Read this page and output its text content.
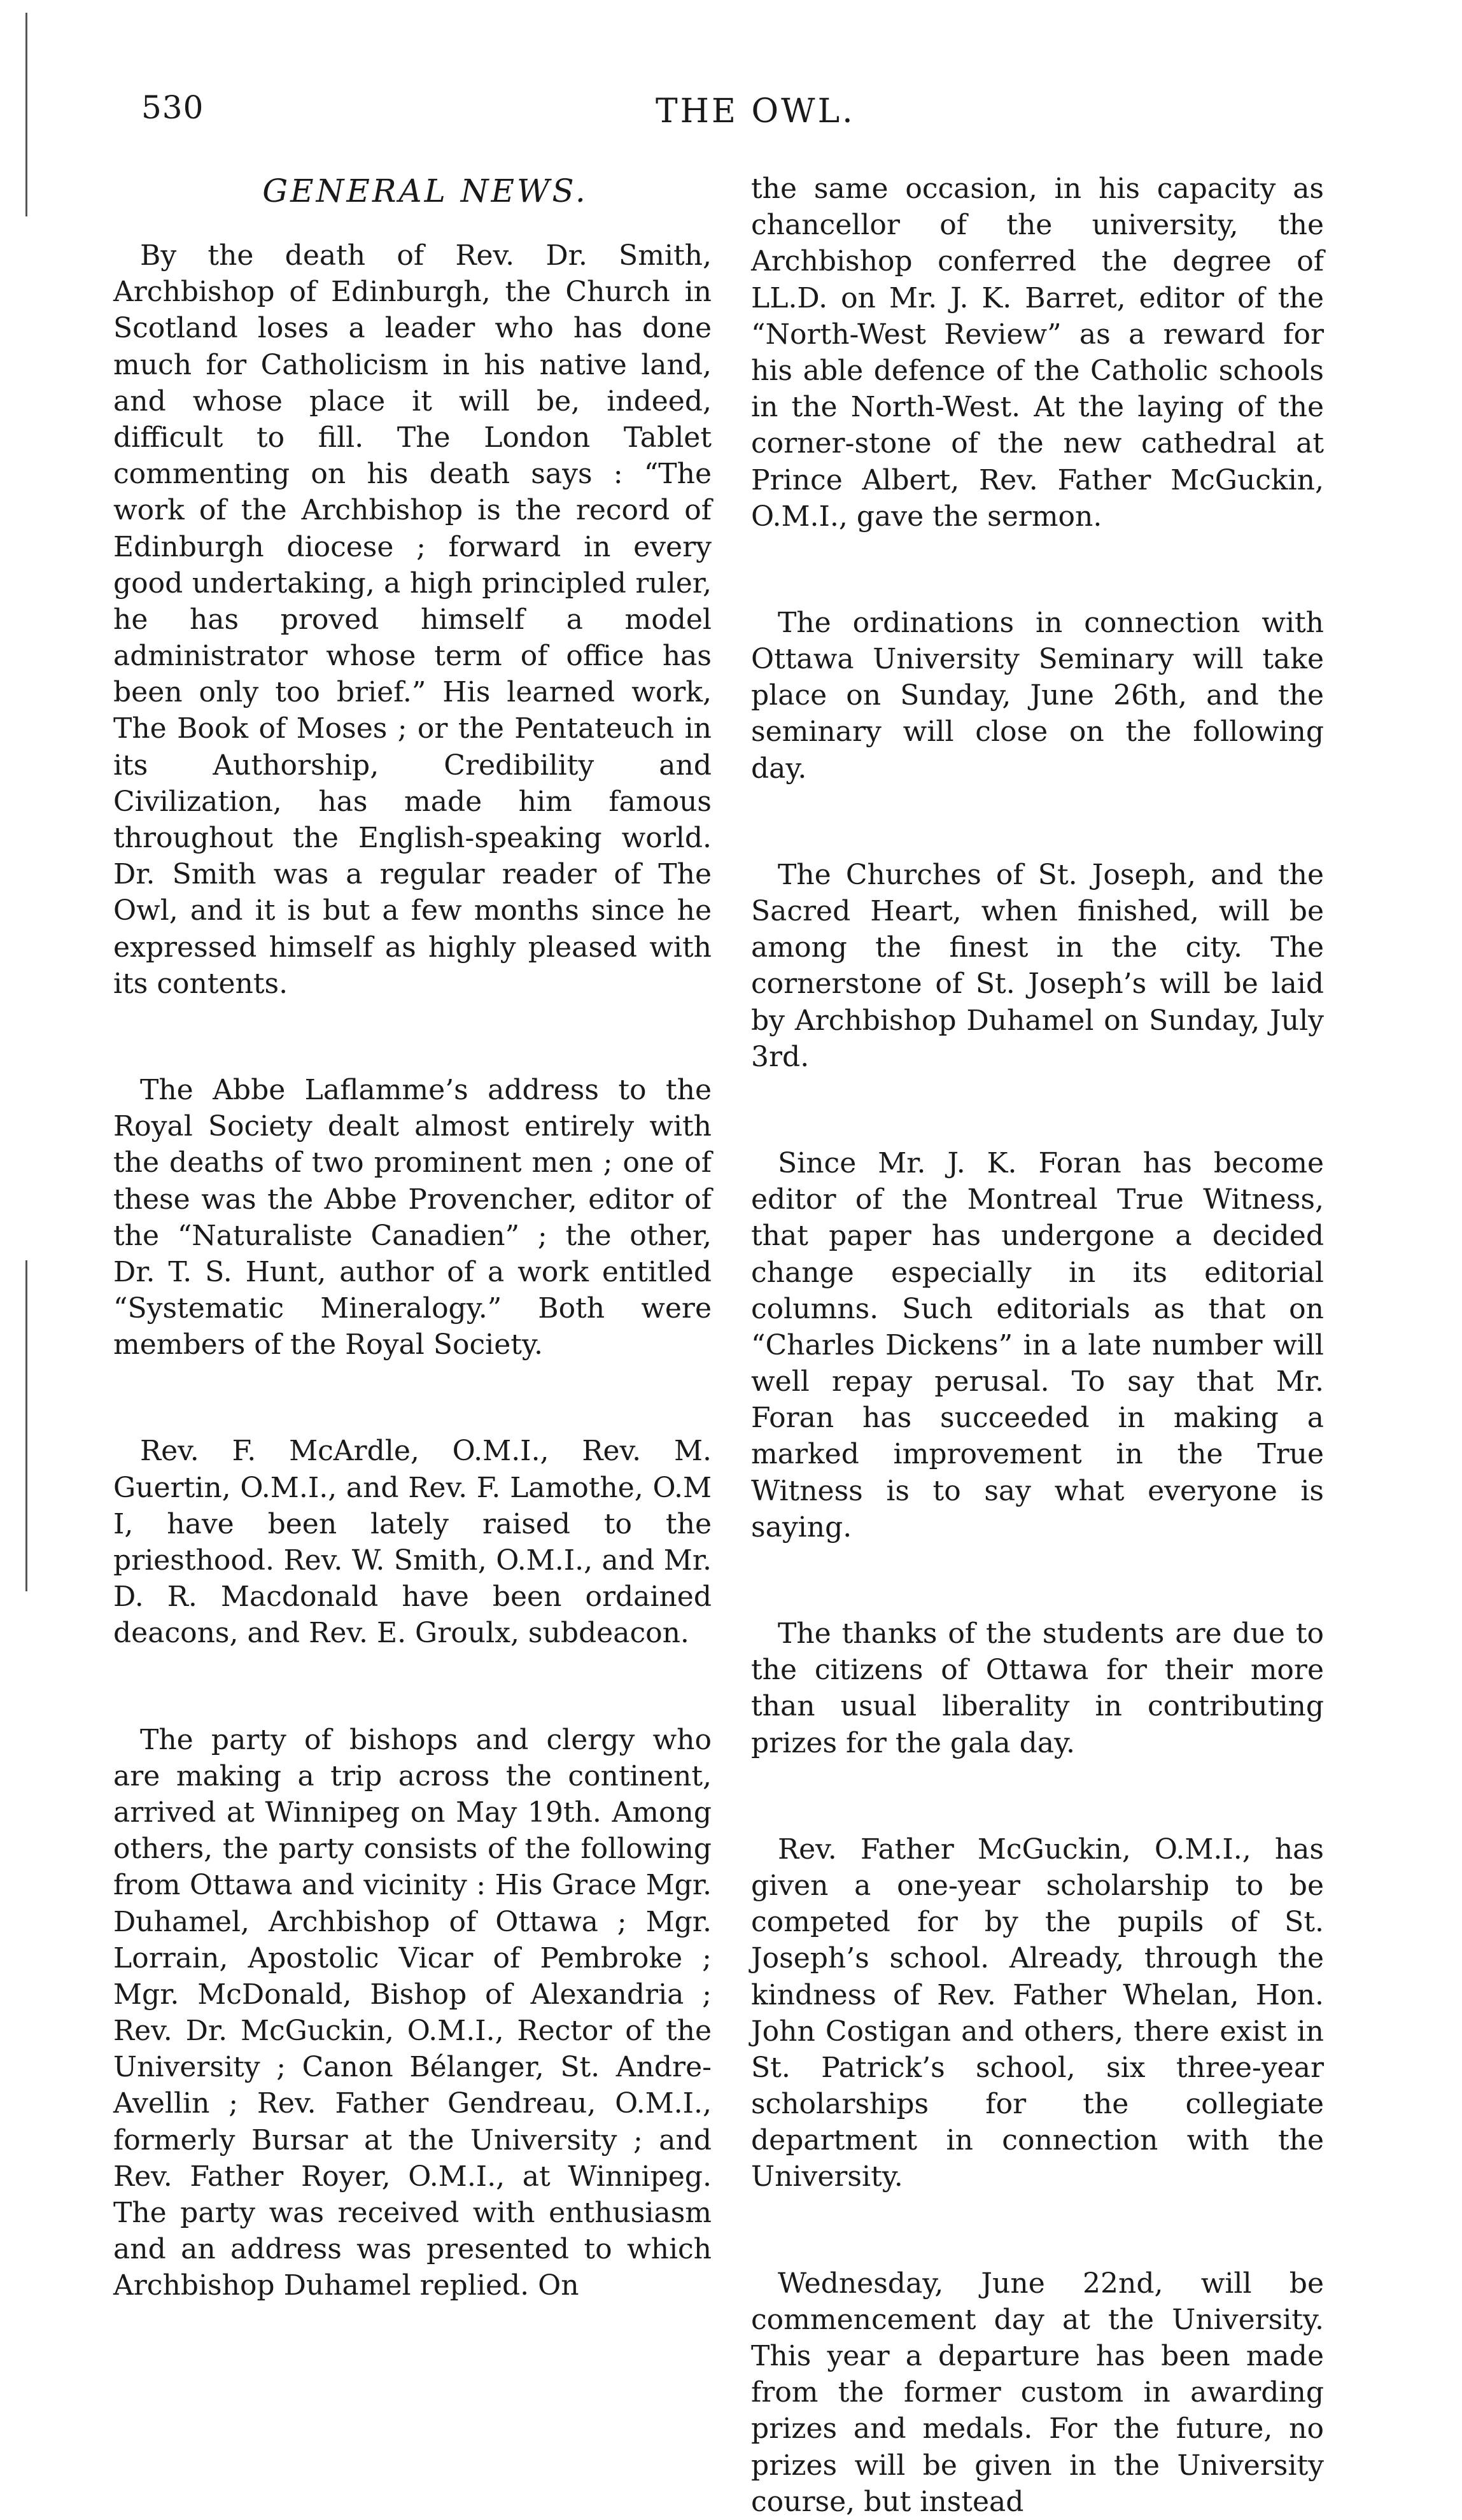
530	THE OWL.
GENERAL NEWS.

By the death of Rev. Dr. Smith, Archbishop of Edinburgh, the Church in Scotland loses a leader who has done much for Catholicism in his native land, and whose place it will be, indeed, difficult to fill. The London Tablet commenting on his death says : “The work of the Archbishop is the record of Edinburgh diocese ; forward in every good undertaking, a high principled ruler, he has proved himself a model administrator whose term of office has been only too brief.” His learned work, The Book of Moses ; or the Pentateuch in its Authorship, Credibility and Civilization, has made him famous throughout the English-speaking world. Dr. Smith was a regular reader of The Owl, and it is but a few months since he expressed himself as highly pleased with its contents.

The Abbe Laflamme’s address to the Royal Society dealt almost entirely with the deaths of two prominent men ; one of these was the Abbe Provencher, editor of the “Naturaliste Canadien” ; the other, Dr. T. S. Hunt, author of a work entitled “Systematic Mineralogy.” Both were members of the Royal Society.

Rev. F. McArdle, O.M.I., Rev. M. Guertin, O.M.I., and Rev. F. Lamothe, O.M I, have been lately raised to the priesthood. Rev. W. Smith, O.M.I., and Mr. D. R. Macdonald have been ordained deacons, and Rev. E. Groulx, subdeacon.

The party of bishops and clergy who are making a trip across the continent, arrived at Winnipeg on May 19th. Among others, the party consists of the following from Ottawa and vicinity : His Grace Mgr. Duhamel, Archbishop of Ottawa ; Mgr. Lorrain, Apostolic Vicar of Pembroke ; Mgr. McDonald, Bishop of Alexandria ; Rev. Dr. McGuckin, O.M.I., Rector of the University ; Canon Bélanger, St. Andre-Avellin ; Rev. Father Gendreau, O.M.I., formerly Bursar at the University ; and Rev. Father Royer, O.M.I., at Winnipeg. The party was received with enthusiasm and an address was presented to which Archbishop Duhamel replied. On

the same occasion, in his capacity as chancellor of the university, the Archbishop conferred the degree of LL.D. on Mr. J. K. Barret, editor of the “North-West Review” as a reward for his able defence of the Catholic schools in the North-West. At the laying of the corner-stone of the new cathedral at Prince Albert, Rev. Father McGuckin, O.M.I., gave the sermon.

The ordinations in connection with Ottawa University Seminary will take place on Sunday, June 26th, and the seminary will close on the following day.

The Churches of St. Joseph, and the Sacred Heart, when finished, will be among the finest in the city. The cornerstone of St. Joseph’s will be laid by Archbishop Duhamel on Sunday, July 3rd.

Since Mr. J. K. Foran has become editor of the Montreal True Witness, that paper has undergone a decided change especially in its editorial columns. Such editorials as that on “Charles Dickens” in a late number will well repay perusal. To say that Mr. Foran has succeeded in making a marked improvement in the True Witness is to say what everyone is saying.

The thanks of the students are due to the citizens of Ottawa for their more than usual liberality in contributing prizes for the gala day.

Rev. Father McGuckin, O.M.I., has given a one-year scholarship to be competed for by the pupils of St. Joseph’s school. Already, through the kindness of Rev. Father Whelan, Hon. John Costigan and others, there exist in St. Patrick’s school, six three-year scholarships for the collegiate department in connection with the University.

Wednesday, June 22nd, will be commencement day at the University. This year a departure has been made from the former custom in awarding prizes and medals. For the future, no prizes will be given in the University course, but instead
